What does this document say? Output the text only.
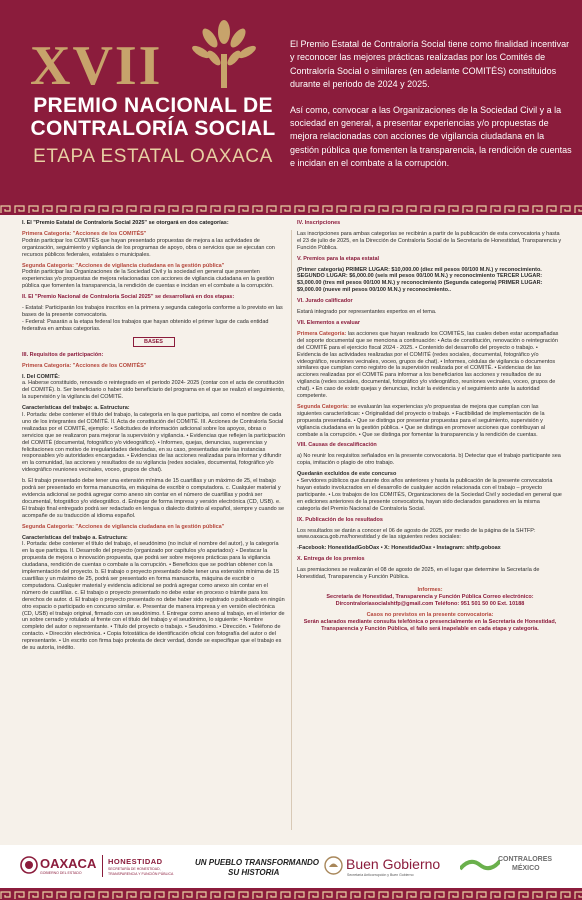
XVII
PREMIO NACIONAL DE
CONTRALORÍA SOCIAL
ETAPA ESTATAL OAXACA

El Premio Estatal de Contraloría Social tiene como finalidad incentivar y reconocer las mejores prácticas realizadas por los Comités de Contraloría Social o similares (en adelante COMITÉS) constituidos durante el periodo de 2024 y 2025.

Así como, convocar a las Organizaciones de la Sociedad Civil y a la sociedad en general, a presentar experiencias y/o propuestas de mejora relacionadas con acciones de vigilancia ciudadana en la gestión pública que fomenten la transparencia, la rendición de cuentas e incidan en el combate a la corrupción.

I. El "Premio Estatal de Contraloría Social 2025" se otorgará en dos categorías:

Primera Categoría: "Acciones de los COMITÉS"

Podrán participar los COMITÉS que hayan presentado propuestas de mejora a las actividades de organización, seguimiento y vigilancia de los programas de apoyo, obra o servicios que se ejecutan con recursos públicos federales, estatales o municipales.

Segunda Categoría: "Acciones de vigilancia ciudadana en la gestión pública"

Podrán participar las Organizaciones de la Sociedad Civil y la sociedad en general que presenten experiencias y/o propuestas de mejora relacionadas con acciones de vigilancia ciudadana en la gestión pública que fomenten la transparencia, la rendición de cuentas e incidan en el combate a la corrupción.

II. El "Premio Nacional de Contraloría Social 2025" se desarrollará en dos etapas:

- Estatal: Participarán los trabajos inscritos en la primera y segunda categoría conforme a lo previsto en las bases de la presente convocatoria.

- Federal: Pasarán a la etapa federal los trabajos que hayan obtenido el primer lugar de cada entidad federativa en ambas categorías.

BASES

III. Requisitos de participación:

Primera Categoría: "Acciones de los COMITÉS"

I. Del COMITÉ:

a. Haberse constituido, renovado o reintegrado en el periodo 2024- 2025 (contar con el acta de constitución del COMITÉ). b. Ser beneficiario o haber sido beneficiario del programa en el que se realizó el seguimiento, la supervisión y la vigilancia del COMITÉ.

Características del trabajo: a. Estructura:

I. Portada: debe contener el título del trabajo, la categoría en la que participa, así como el nombre de cada uno de los integrantes del COMITÉ. II. Acta de constitución del COMITÉ. III. Acciones de Contraloría Social realizadas por el COMITÉ, ejemplo: • Solicitudes de información adicional sobre los apoyos, obras o servicios que se realizaron para mejorar la supervisión y vigilancia. • Evidencias que reflejen la participación del COMITÉ (documental, fotográfico y/o videográfico). • Informes, quejas, denuncias, sugerencias y felicitaciones con motivo de irregularidades detectadas, en su caso, presentadas ante las instancias responsables y/o autoridades encargadas. • Evidencias de las acciones realizadas para informar y difundir en la comunidad, las acciones y resultados de su vigilancia (redes sociales, documental, fotográfico y/o videográfico reuniones vecinales, voceo, grupos de chat).

b. El trabajo presentado debe tener una extensión mínima de 15 cuartillas y un máximo de 25, el trabajo podrá ser presentado en forma manuscrita, en máquina de escribir o computadora. c. Cualquier material y evidencia adicional se podrá agregar como anexo sin contar en el número de cuartillas y podrá ser documental, fotográfico y/o videográfico. d. Entregar de forma impresa y versión electrónica (CD, USB). e. El trabajo final entregado podrá ser redactado en lengua o dialecto distinto al español, siempre y cuando se acompañe de su traducción al idioma español.

Segunda Categoría: "Acciones de vigilancia ciudadana en la gestión pública"

Características del trabajo a. Estructura:

I. Portada: debe contener el título del trabajo, el seudónimo (no incluir el nombre del autor), y la categoría en la que participa. II. Desarrollo del proyecto (organizado por capítulos y/o apartados): • Destacar la propuesta de mejora o innovación propuesta, que podrá ser sobre mejores prácticas para la vigilancia ciudadana, rendición de cuentas o combate a la corrupción. • Beneficios que se podrían obtener con la implementación del proyecto. b. El trabajo o proyecto presentado debe tener una extensión mínima de 15 cuartillas y un máximo de 25, podrá ser presentado en forma manuscrita, máquina de escribir o computadora. Cualquier material y evidencia adicional se podrá agregar como anexo sin contar en el número de cuartillas. c. El trabajo o proyecto presentado no debe estar en proceso o trámite para los derechos de autor. d. El trabajo o proyecto presentado no debe haber sido registrado o publicado en ningún otro espacio o participado en concurso similar. e. Presentar de manera impresa y en versión electrónica (CD, USB) el trabajo original, firmado con un seudónimo. f. Entregar como anexo al trabajo, en el interior de un sobre cerrado y rotulado al frente con el título del trabajo y el seudónimo, lo siguiente: • Nombre completo del autor o representante. • Título del proyecto o trabajo. • Seudónimo. • Dirección. • Teléfono de contacto. • Dirección electrónica. • Copia fotostática de identificación oficial con fotografía del autor o del representante. • Un escrito con firma bajo protesta de decir verdad, donde se especifique que el trabajo es de su autoría, inédito.

IV. Inscripciones

Las inscripciones para ambas categorías se recibirán a partir de la publicación de esta convocatoria y hasta el 23 de julio de 2025, en la Dirección de Contraloría Social de la Secretaría de Honestidad, Transparencia y Función Pública.

V. Premios para la etapa estatal

(Primer categoría) PRIMER LUGAR: $10,000.00 (diez mil pesos 00/100 M.N.) y reconocimiento. SEGUNDO LUGAR: $6,000.00 (seis mil pesos 00/100 M.N.) y reconocimiento TERCER LUGAR: $3,000.00 (tres mil pesos 00/100 M.N.) y reconocimiento (Segunda categoría) PRIMER LUGAR: $9,000.00 (nueve mil pesos 00/100 M.N.) y reconocimiento..

VI. Jurado calificador

Estará integrado por representantes expertos en el tema.

VII. Elementos a evaluar

Primera Categoría: las acciones que hayan realizado los COMITÉS, las cuales deben estar acompañadas del soporte documental que se menciona a continuación: • Acta de constitución, renovación o reintegración del COMITÉ para el ejercicio fiscal 2024 - 2025. • Contenido del desarrollo del proyecto o trabajo. • Evidencia de las actividades realizadas por el COMITÉ (redes sociales, documental, fotográfico y/o videográfico, reuniones vecinales, voceo, grupos de chat). • Informes, cédulas de vigilancia o documentos similares que cumplan como registro de la supervisión realizada por el COMITÉ. • Evidencias de las acciones realizadas por el COMITÉ para informar a los beneficiarios las acciones y resultados de su vigilancia (redes sociales, documental, fotográfico y/o videográfico, reuniones vecinales, voceo, grupos de chat). • En caso de existir quejas y denuncias, incluir la evidencia y el seguimiento ante la autoridad competente.

Segunda Categoría: se evaluarán las experiencias y/o propuestas de mejora que cumplan con las siguientes características: • Originalidad del proyecto o trabajo. • Factibilidad de implementación de la propuesta presentada. • Que se distinga por presentar propuestas para el seguimiento, supervisión y vigilancia ciudadana en la gestión pública. • Que se distinga en promover acciones que contribuyan al combate a la corrupción. • Que se distinga por fomentar la transparencia y la rendición de cuentas.

VIII. Causas de descalificación

a) No reunir los requisitos señalados en la presente convocatoria. b) Detectar que el trabajo participante sea copia, imitación o plagio de otro trabajo.

Quedarán excluidos de este concurso

• Servidores públicos que durante dos años anteriores y hasta la publicación de la presente convocatoria hayan estado involucrados en el desarrollo de cualquier acción relacionada con el trabajo – proyecto participante. • Los trabajos de los COMITÉS, Organizaciones de la Sociedad Civil y sociedad en general que en ediciones anteriores de la presente convocatoria, hayan sido declarados ganadores en la misma categoría del Premio Nacional de Contraloría Social.

IX. Publicación de los resultados

Los resultados se darán a conocer el 06 de agosto de 2025, por medio de la página de la SHTFP: www.oaxaca.gob.mx/honestidad y de las siguientes redes sociales:

-Facebook: HonestidadGobOax • X: HonestidadOax • Instagram: shtfp.goboax

X. Entrega de los premios

Las premiaciones se realizarán el 08 de agosto de 2025, en el lugar que determine la Secretaría de Honestidad, Transparencia y Función Pública.

Informes:

Secretaría de Honestidad, Transparencia y Función Pública Correo electrónico: Dircontraloriasocialshtfp@gmail.com Teléfono: 951 501 50 00 Ext. 10188

Casos no previstos en la presente convocatoria:

Serán aclarados mediante consulta telefónica o presencialmente en la Secretaría de Honestidad, Transparencia y Función Pública, el fallo será inapelable en cada etapa y categoría.

OAXACA
GOBIERNO DEL ESTADO
HONESTIDAD
SECRETARÍA DE HONESTIDAD, TRANSPARENCIA Y FUNCIÓN PÚBLICA
UN PUEBLO TRANSFORMANDO
SU HISTORIA
Buen Gobierno
Secretaría Anticorrupción y Buen Gobierno
CONTRALORES
MÉXICO
